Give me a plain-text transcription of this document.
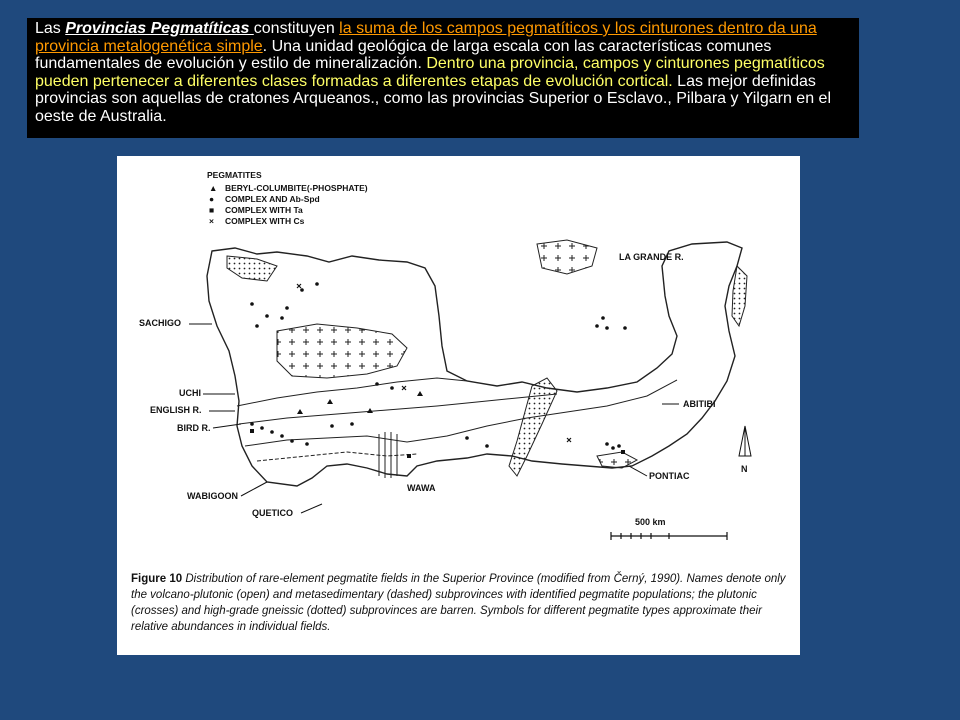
Las Provincias Pegmatíticas constituyen la suma de los campos pegmatíticos y los cinturones dentro da una provincia metalogenética simple. Una unidad geológica de larga escala con las características comunes fundamentales de evolución y estilo de mineralización. Dentro una provincia, campos y cinturones pegmatíticos pueden pertenecer a diferentes clases formadas a diferentes etapas de evolución cortical. Las mejor definidas provincias son aquellas de cratones Arqueanos., como las provincias Superior o Esclavo., Pilbara y Yilgarn en el oeste de Australia.
PEGMATITES
▲ BERYL-COLUMBITE(-PHOSPHATE)
● COMPLEX AND Ab-Spd
■ COMPLEX WITH Ta
× COMPLEX WITH Cs
LA GRANDE R.
SACHIGO
UCHI
ENGLISH R.
BIRD R.
ABITIBI
PONTIAC
WABIGOON
WAWA
QUETICO
N
500 km
Figure 10 Distribution of rare-element pegmatite fields in the Superior Province (modified from Černý, 1990). Names denote only the volcano-plutonic (open) and metasedimentary (dashed) subprovinces with identified pegmatite populations; the plutonic (crosses) and high-grade gneissic (dotted) subprovinces are barren. Symbols for different pegmatite types approximate their relative abundances in individual fields.
